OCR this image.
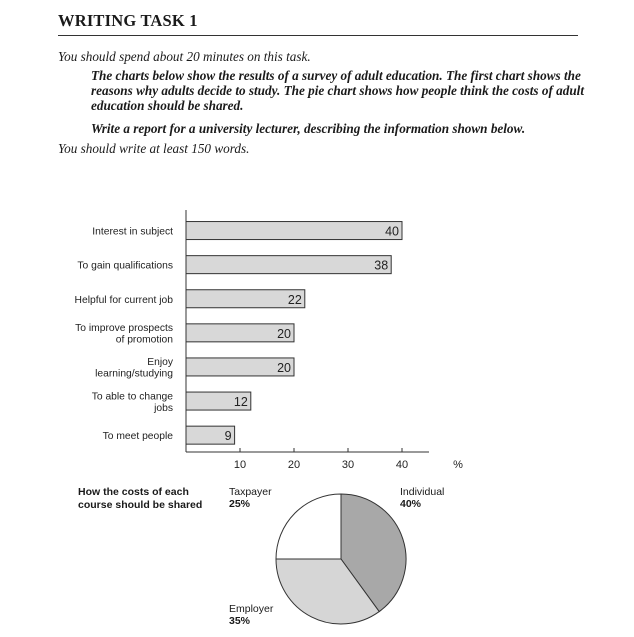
WRITING TASK 1
You should spend about 20 minutes on this task.
The charts below show the results of a survey of adult education. The first chart shows the reasons why adults decide to study. The pie chart shows how people think the costs of adult education should be shared.
Write a report for a university lecturer, describing the information shown below.
You should write at least 150 words.
40
Interest in subject
38
To gain qualifications
22
Helpful for current job
20
To improve prospects
of promotion
20
Enjoy
learning/studying
12
To able to change
jobs
9
To meet people
10	20	30	40	%
How the costs of each
course should be shared
Taxpayer
25%
Individual
40%
Employer
35%
